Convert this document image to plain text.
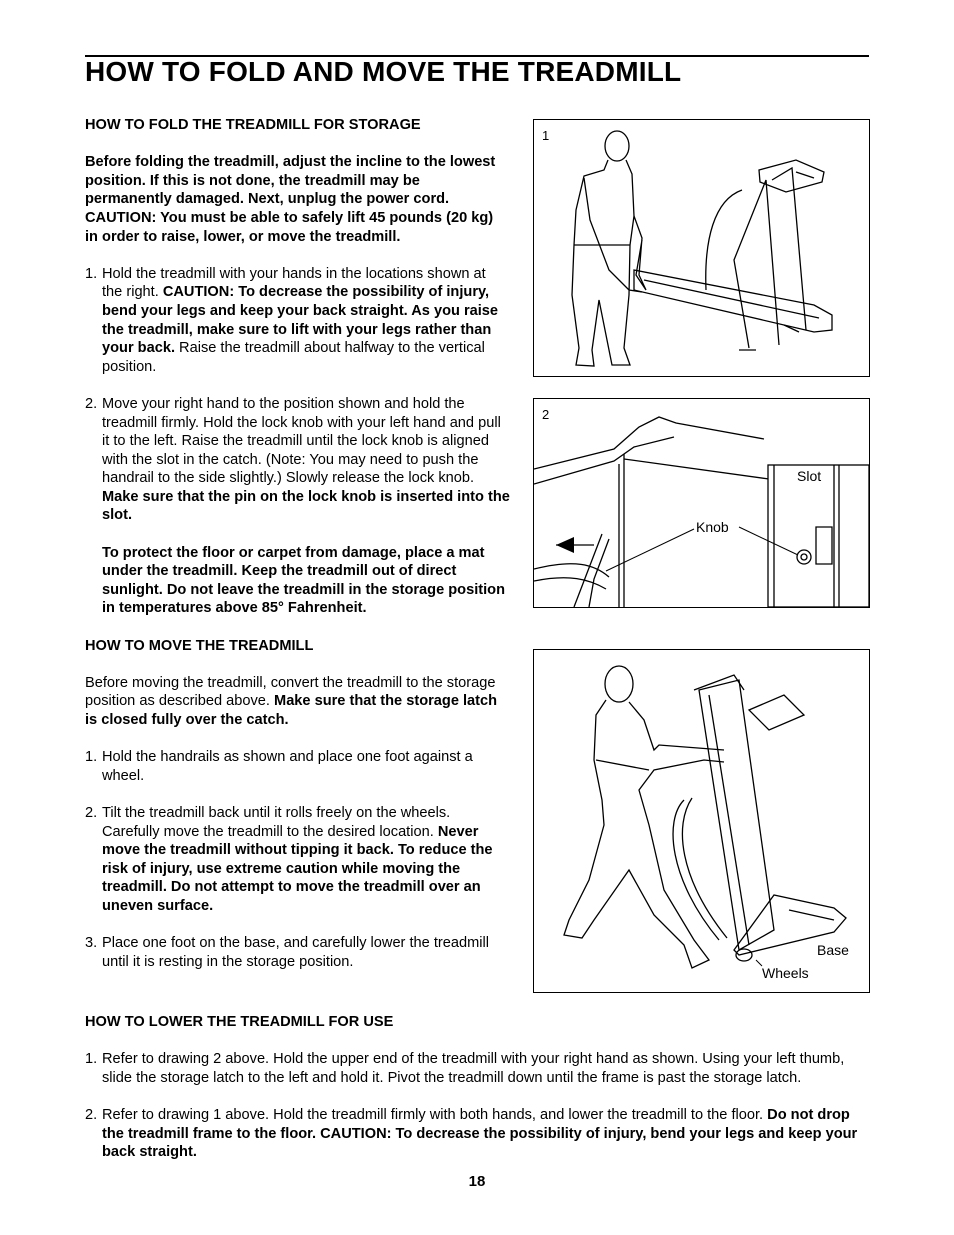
HOW TO FOLD AND MOVE THE TREADMILL

HOW TO FOLD THE TREADMILL FOR STORAGE

Before folding the treadmill, adjust the incline to the lowest position. If this is not done, the treadmill may be permanently damaged. Next, unplug the power cord. CAUTION: You must be able to safely lift 45 pounds (20 kg) in order to raise, lower, or move the treadmill.

1. Hold the treadmill with your hands in the locations shown at the right. CAUTION: To decrease the possibility of injury, bend your legs and keep your back straight. As you raise the treadmill, make sure to lift with your legs rather than your back. Raise the treadmill about halfway to the vertical position.

2. Move your right hand to the position shown and hold the treadmill firmly. Hold the lock knob with your left hand and pull it to the left. Raise the treadmill until the lock knob is aligned with the slot in the catch. (Note: You may need to push the handrail to the side slightly.) Slowly release the lock knob. Make sure that the pin on the lock knob is inserted into the slot.

To protect the floor or carpet from damage, place a mat under the treadmill. Keep the treadmill out of direct sunlight. Do not leave the treadmill in the storage position in temperatures above 85° Fahrenheit.

HOW TO MOVE THE TREADMILL

Before moving the treadmill, convert the treadmill to the storage position as described above. Make sure that the storage latch is closed fully over the catch.

1. Hold the handrails as shown and place one foot against a wheel.

2. Tilt the treadmill back until it rolls freely on the wheels. Carefully move the treadmill to the desired location. Never move the treadmill without tipping it back. To reduce the risk of injury, use extreme caution while moving the treadmill. Do not attempt to move the treadmill over an uneven surface.

3. Place one foot on the base, and carefully lower the treadmill until it is resting in the storage position.

1
2
Slot
Knob
Base
Wheels

HOW TO LOWER THE TREADMILL FOR USE

1. Refer to drawing 2 above. Hold the upper end of the treadmill with your right hand as shown. Using your left thumb, slide the storage latch to the left and hold it. Pivot the treadmill down until the frame is past the storage latch.

2. Refer to drawing 1 above. Hold the treadmill firmly with both hands, and lower the treadmill to the floor. Do not drop the treadmill frame to the floor. CAUTION: To decrease the possibility of injury, bend your legs and keep your back straight.

18
